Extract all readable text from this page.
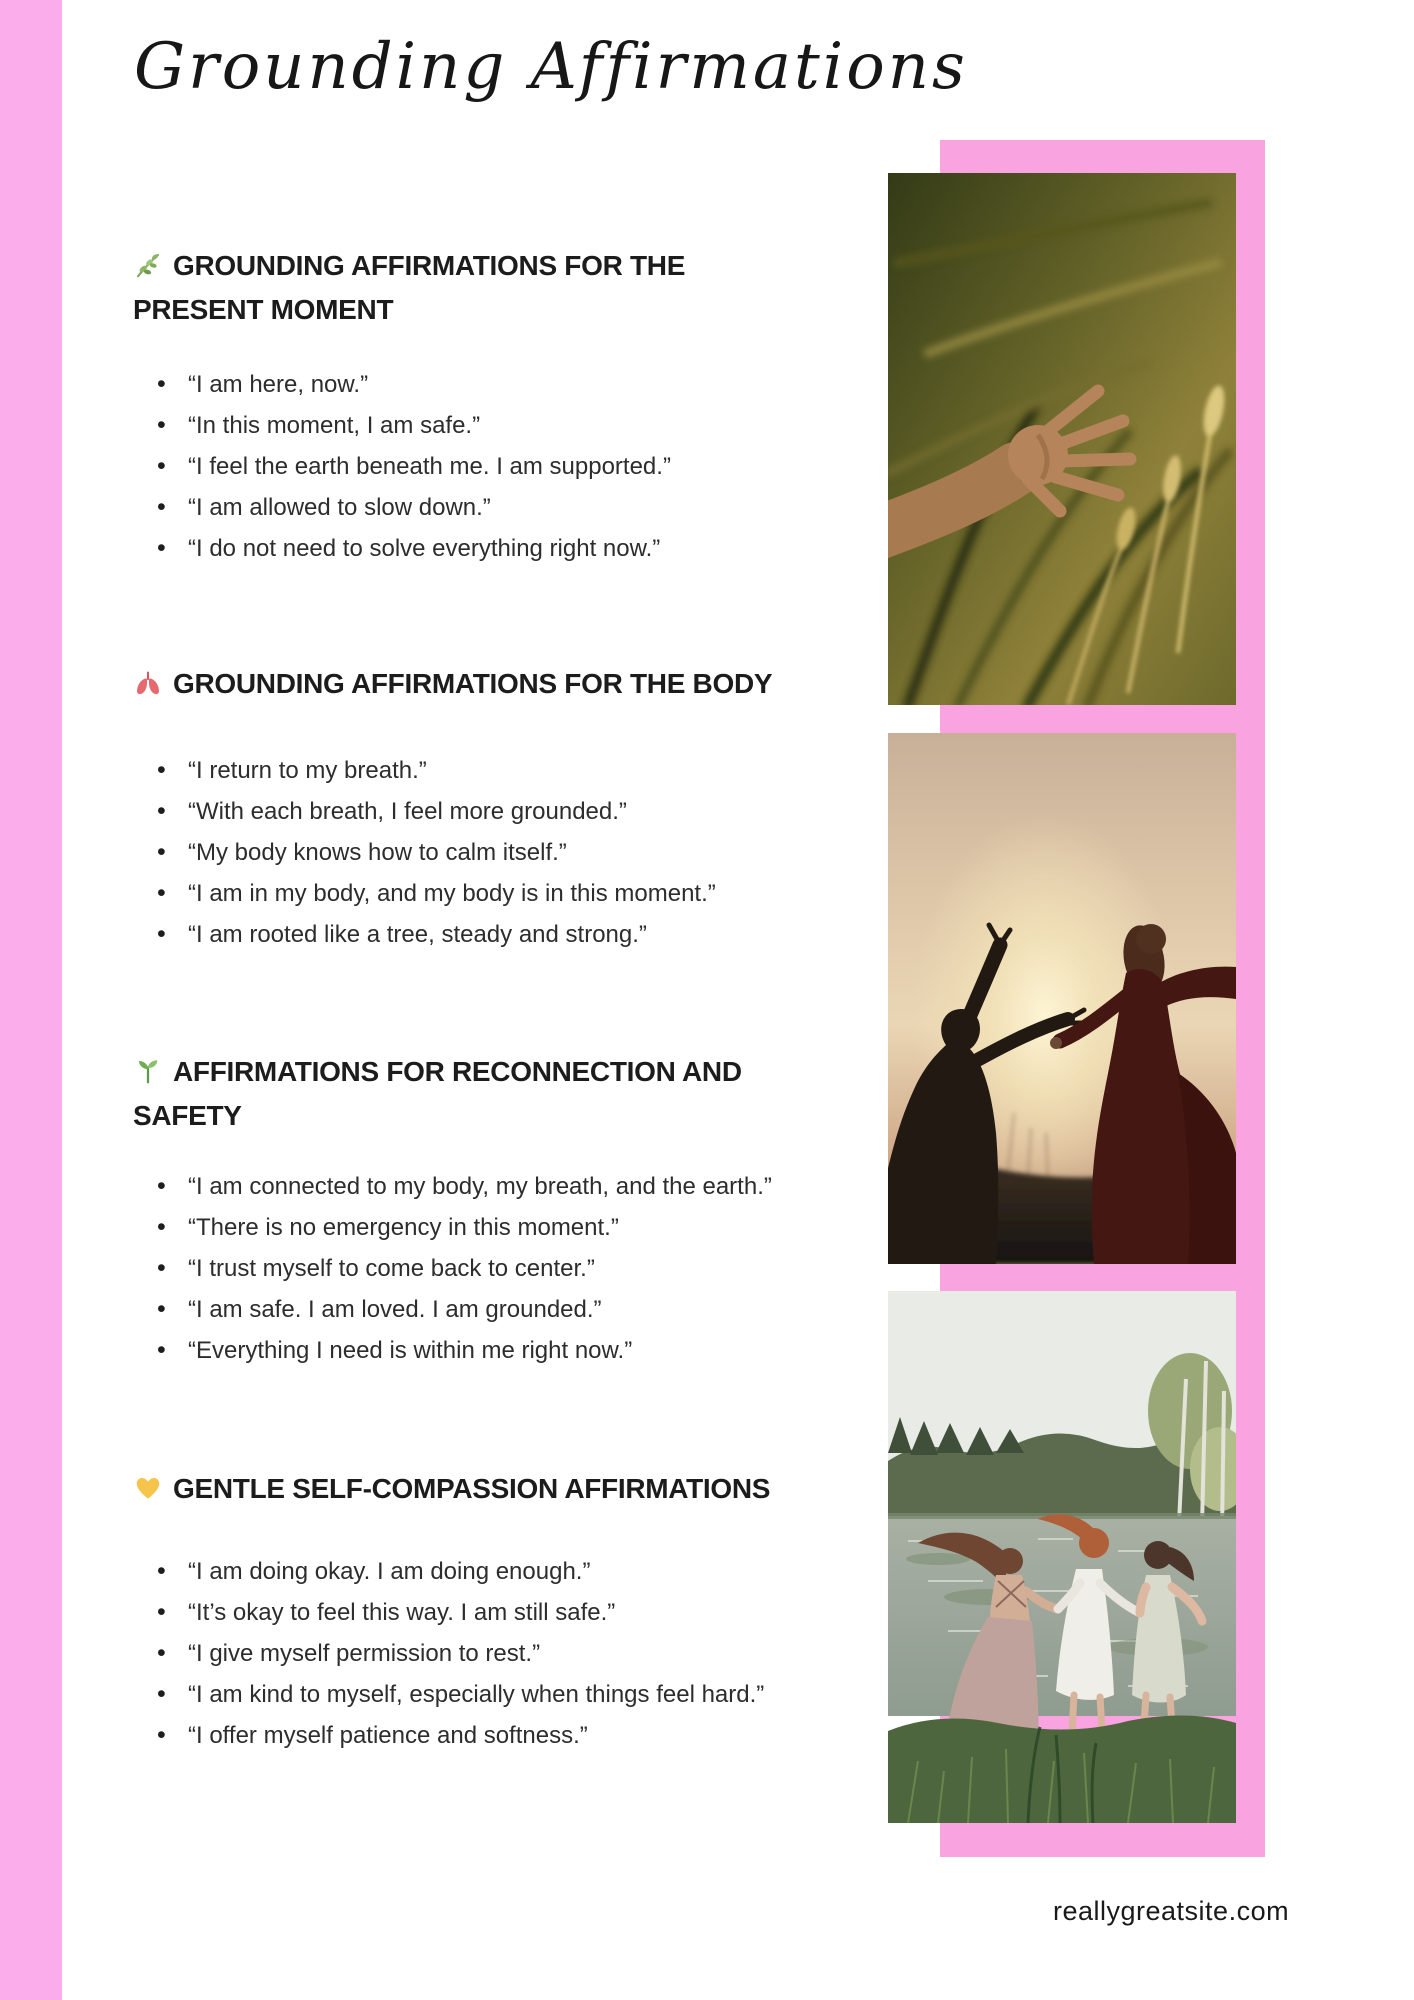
Grounding Affirmations
GROUNDING AFFIRMATIONS FOR THE PRESENT MOMENT
• “I am here, now.”
• “In this moment, I am safe.”
• “I feel the earth beneath me. I am supported.”
• “I am allowed to slow down.”
• “I do not need to solve everything right now.”
GROUNDING AFFIRMATIONS FOR THE BODY
• “I return to my breath.”
• “With each breath, I feel more grounded.”
• “My body knows how to calm itself.”
• “I am in my body, and my body is in this moment.”
• “I am rooted like a tree, steady and strong.”
AFFIRMATIONS FOR RECONNECTION AND SAFETY
• “I am connected to my body, my breath, and the earth.”
• “There is no emergency in this moment.”
• “I trust myself to come back to center.”
• “I am safe. I am loved. I am grounded.”
• “Everything I need is within me right now.”
GENTLE SELF-COMPASSION AFFIRMATIONS
• “I am doing okay. I am doing enough.”
• “It’s okay to feel this way. I am still safe.”
• “I give myself permission to rest.”
• “I am kind to myself, especially when things feel hard.”
• “I offer myself patience and softness.”
reallygreatsite.com
